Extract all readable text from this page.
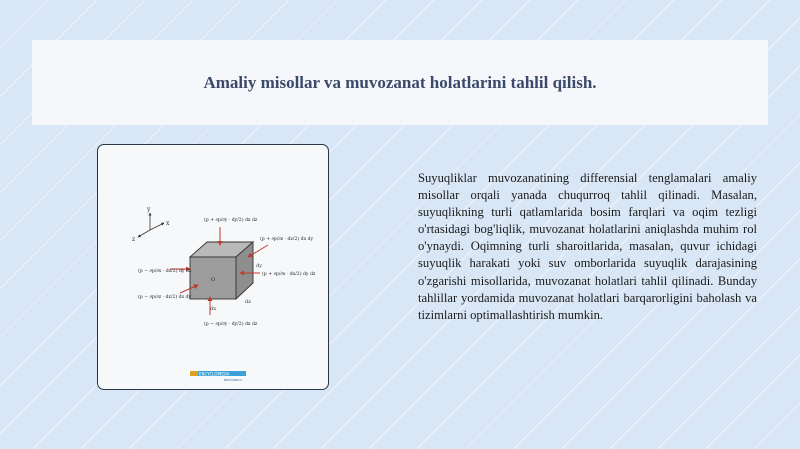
Amaliy misollar va muvozanat holatlarini tahlil qilish.
y
x
z
O
dx
dy
dz
(p + ∂p/∂y · dy/2) dx dz
(p + ∂p/∂z · dz/2) dx dy
(p − ∂p/∂x · dx/2) dy dz
(p + ∂p/∂x · dx/2) dy dz
(p − ∂p/∂z · dz/2) dx dy
(p − ∂p/∂y · dy/2) dx dz
ENCYCLOPEDIA
BRITANNICA

Suyuqliklar muvozanatining differensial tenglamalari amaliy misollar orqali yanada chuqurroq tahlil qilinadi. Masalan, suyuqlikning turli qatlamlarida bosim farqlari va oqim tezligi o'rtasidagi bog'liqlik, muvozanat holatlarini aniqlashda muhim rol o'ynaydi. Oqimning turli sharoitlarida, masalan, quvur ichidagi suyuqlik harakati yoki suv omborlarida suyuqlik darajasining o'zgarishi misollarida, muvozanat holatlari tahlil qilinadi. Bunday tahlillar yordamida muvozanat holatlari barqarorligini baholash va tizimlarni optimallashtirish mumkin.
